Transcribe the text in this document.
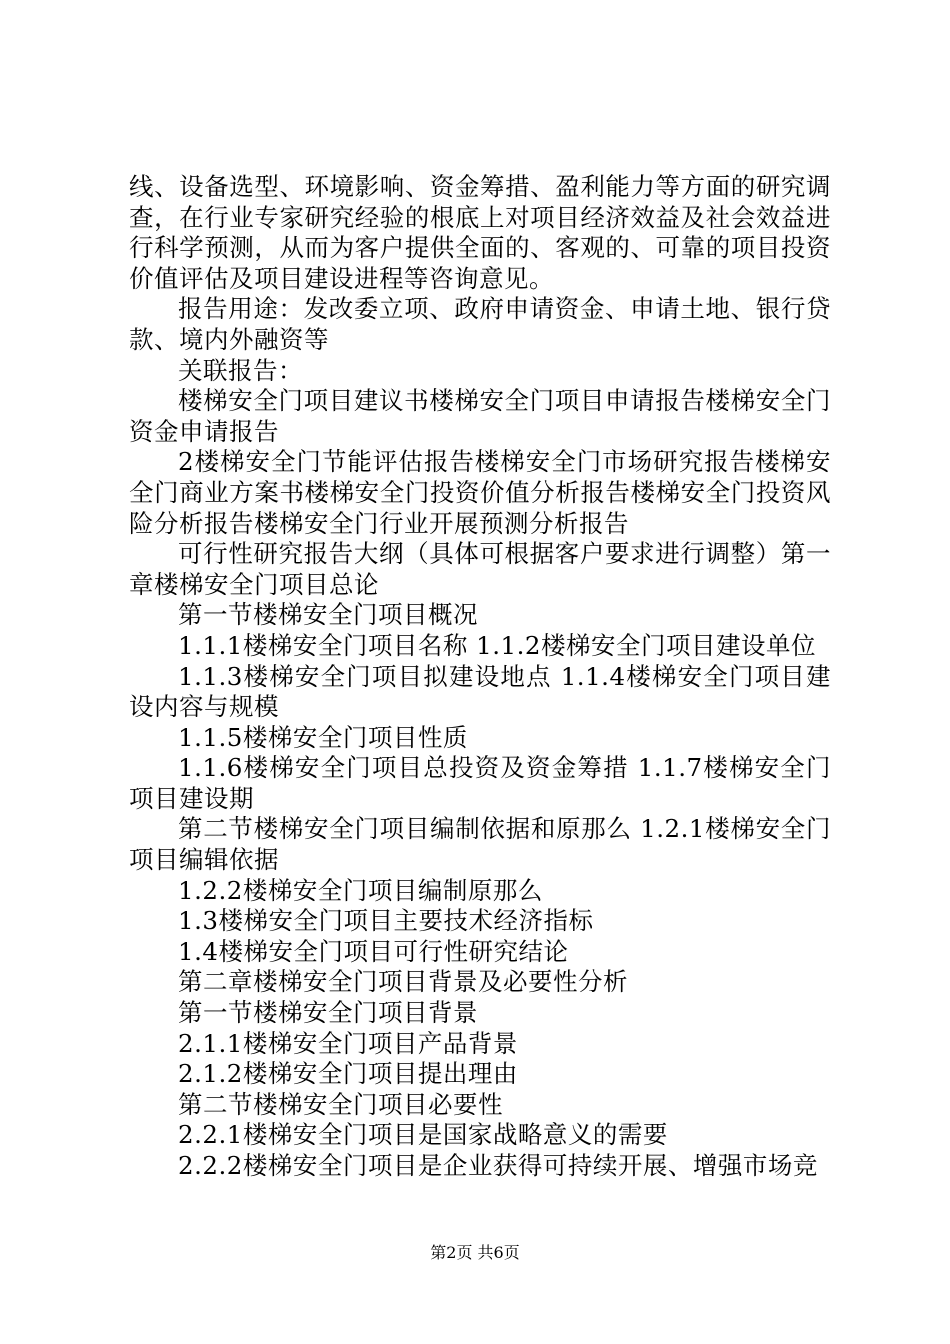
线、设备选型、环境影响、资金筹措、盈利能力等方面的研究调查，在行业专家研究经验的根底上对项目经济效益及社会效益进行科学预测，从而为客户提供全面的、客观的、可靠的项目投资价值评估及项目建设进程等咨询意见。

报告用途：发改委立项、政府申请资金、申请土地、银行贷款、境内外融资等

关联报告：

楼梯安全门项目建议书楼梯安全门项目申请报告楼梯安全门资金申请报告

2楼梯安全门节能评估报告楼梯安全门市场研究报告楼梯安全门商业方案书楼梯安全门投资价值分析报告楼梯安全门投资风险分析报告楼梯安全门行业开展预测分析报告

可行性研究报告大纲（具体可根据客户要求进行调整）第一章楼梯安全门项目总论

第一节楼梯安全门项目概况

1.1.1楼梯安全门项目名称 1.1.2楼梯安全门项目建设单位

1.1.3楼梯安全门项目拟建设地点 1.1.4楼梯安全门项目建设内容与规模

1.1.5楼梯安全门项目性质

1.1.6楼梯安全门项目总投资及资金筹措 1.1.7楼梯安全门项目建设期

第二节楼梯安全门项目编制依据和原那么 1.2.1楼梯安全门项目编辑依据

1.2.2楼梯安全门项目编制原那么

1.3楼梯安全门项目主要技术经济指标

1.4楼梯安全门项目可行性研究结论

第二章楼梯安全门项目背景及必要性分析

第一节楼梯安全门项目背景

2.1.1楼梯安全门项目产品背景

2.1.2楼梯安全门项目提出理由

第二节楼梯安全门项目必要性

2.2.1楼梯安全门项目是国家战略意义的需要

2.2.2楼梯安全门项目是企业获得可持续开展、增强市场竞

第2页 共6页
